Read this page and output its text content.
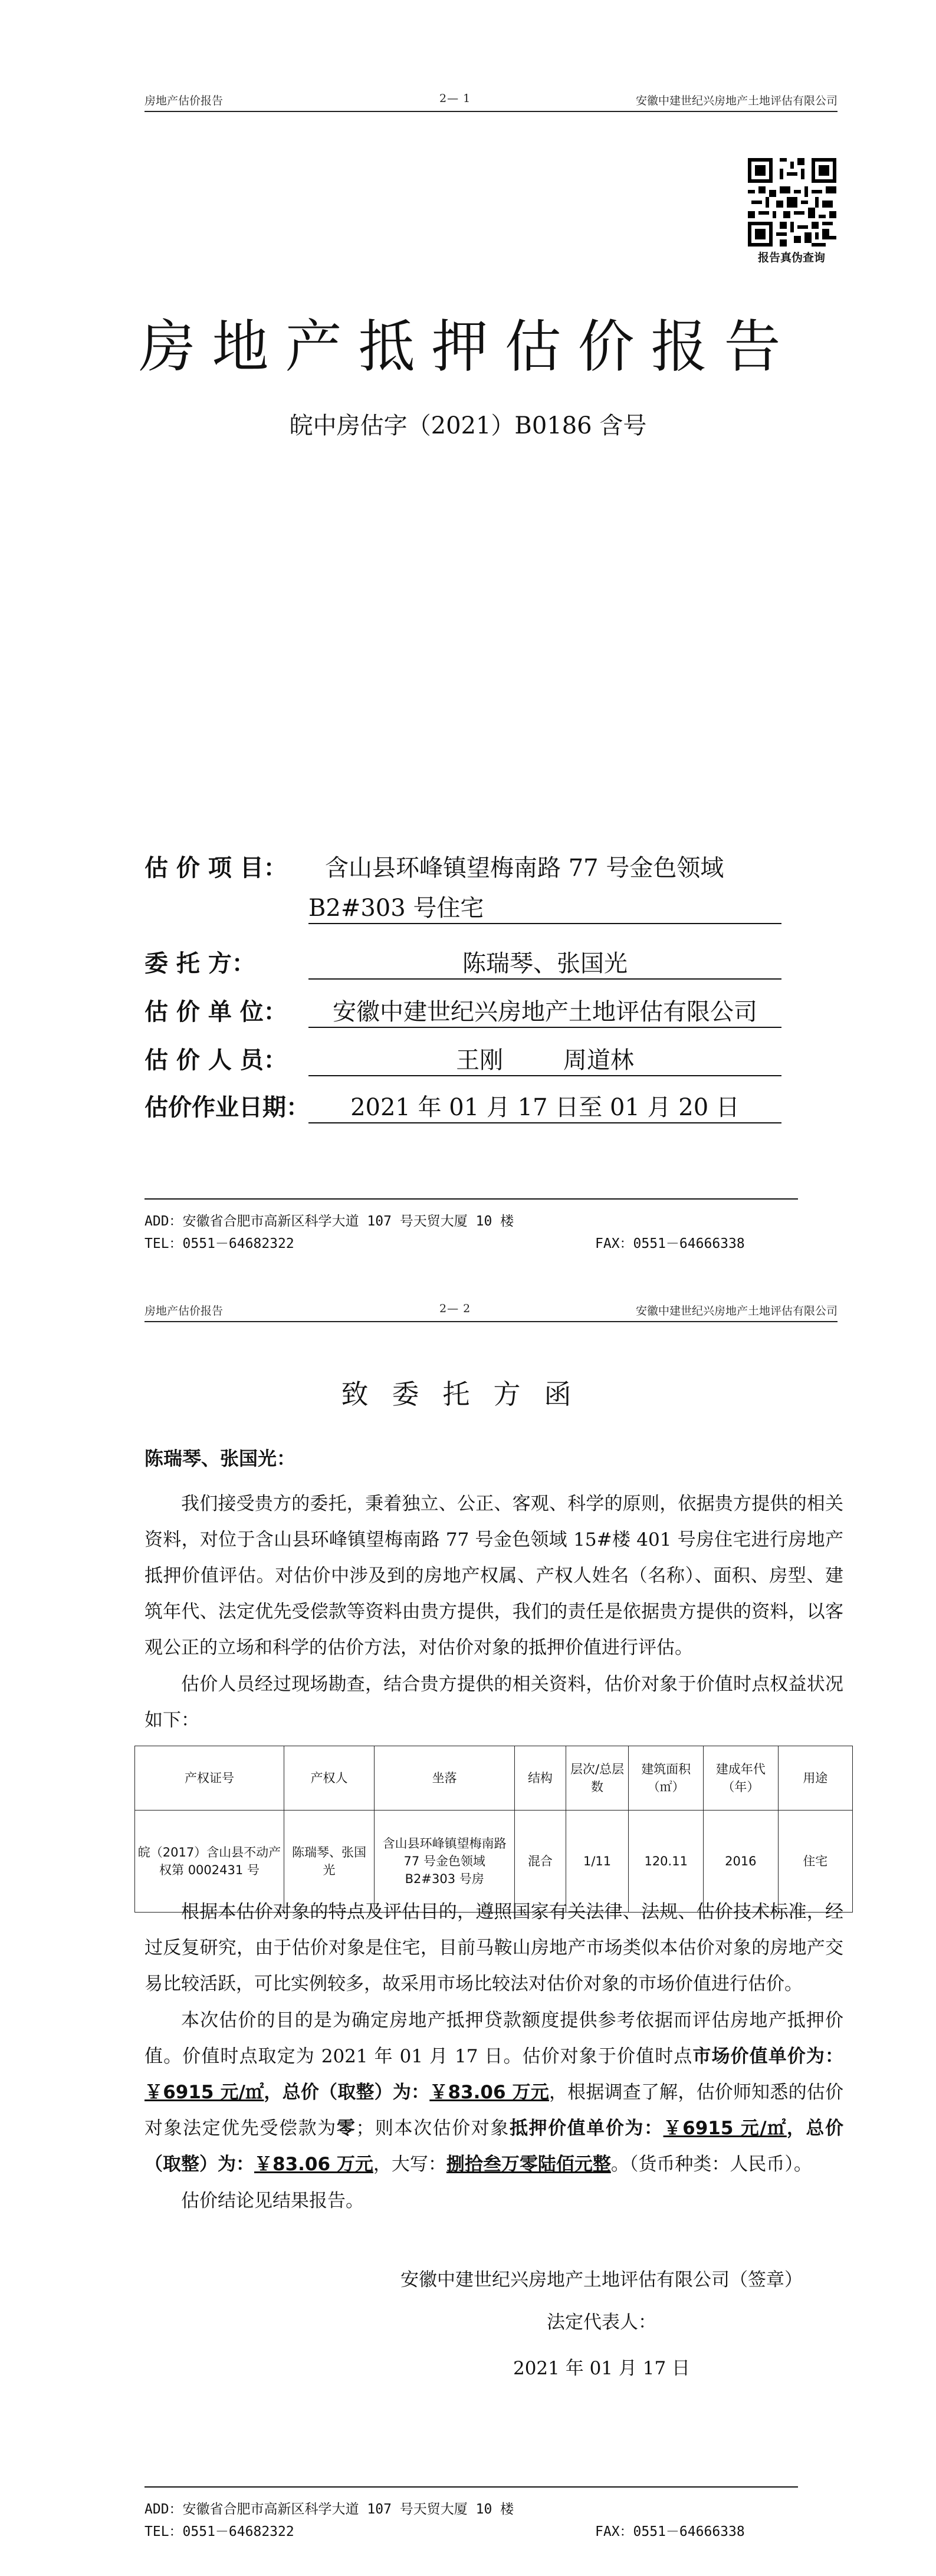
房地产估价报告	2— 1	安徽中建世纪兴房地产土地评估有限公司
报告真伪查询
房地产抵押估价报告
皖中房估字（2021）B0186 含号
估 价 项 目： 含山县环峰镇望梅南路 77 号金色领域
B2#303 号住宅
委 托 方：	陈瑞琴、张国光
估 价 单 位：	安徽中建世纪兴房地产土地评估有限公司
估 价 人 员：	王刚        周道林
估价作业日期：	2021 年 01 月 17 日至 01 月 20 日
ADD：安徽省合肥市高新区科学大道 107 号天贸大厦 10 楼
TEL：0551－64682322	FAX：0551－64666338
房地产估价报告	2— 2	安徽中建世纪兴房地产土地评估有限公司
致委托方函
陈瑞琴、张国光：
我们接受贵方的委托，秉着独立、公正、客观、科学的原则，依据贵方提供的相关资料，对位于含山县环峰镇望梅南路 77 号金色领域 15#楼 401 号房住宅进行房地产抵押价值评估。对估价中涉及到的房地产权属、产权人姓名（名称）、面积、房型、建筑年代、法定优先受偿款等资料由贵方提供，我们的责任是依据贵方提供的资料，以客观公正的立场和科学的估价方法，对估价对象的抵押价值进行评估。
估价人员经过现场勘查，结合贵方提供的相关资料，估价对象于价值时点权益状况如下：
产权证号	产权人	坐落	结构	层次/总层数	建筑面积（㎡）	建成年代（年）	用途
皖（2017）含山县不动产权第 0002431 号	陈瑞琴、张国光	含山县环峰镇望梅南路 77 号金色领域 B2#303 号房	混合	1/11	120.11	2016	住宅
根据本估价对象的特点及评估目的，遵照国家有关法律、法规、估价技术标准，经过反复研究，由于估价对象是住宅，目前马鞍山房地产市场类似本估价对象的房地产交易比较活跃，可比实例较多，故采用市场比较法对估价对象的市场价值进行估价。
本次估价的目的是为确定房地产抵押贷款额度提供参考依据而评估房地产抵押价值。价值时点取定为 2021 年 01 月 17 日。估价对象于价值时点市场价值单价为：￥6915 元/㎡，总价（取整）为：￥83.06 万元，根据调查了解，估价师知悉的估价对象法定优先受偿款为零；则本次估价对象抵押价值单价为：￥6915 元/㎡，总价（取整）为：￥83.06 万元，大写：捌拾叁万零陆佰元整。（货币种类：人民币）。
估价结论见结果报告。
安徽中建世纪兴房地产土地评估有限公司（签章）
法定代表人：
2021 年 01 月 17 日
ADD：安徽省合肥市高新区科学大道 107 号天贸大厦 10 楼
TEL：0551－64682322	FAX：0551－64666338
